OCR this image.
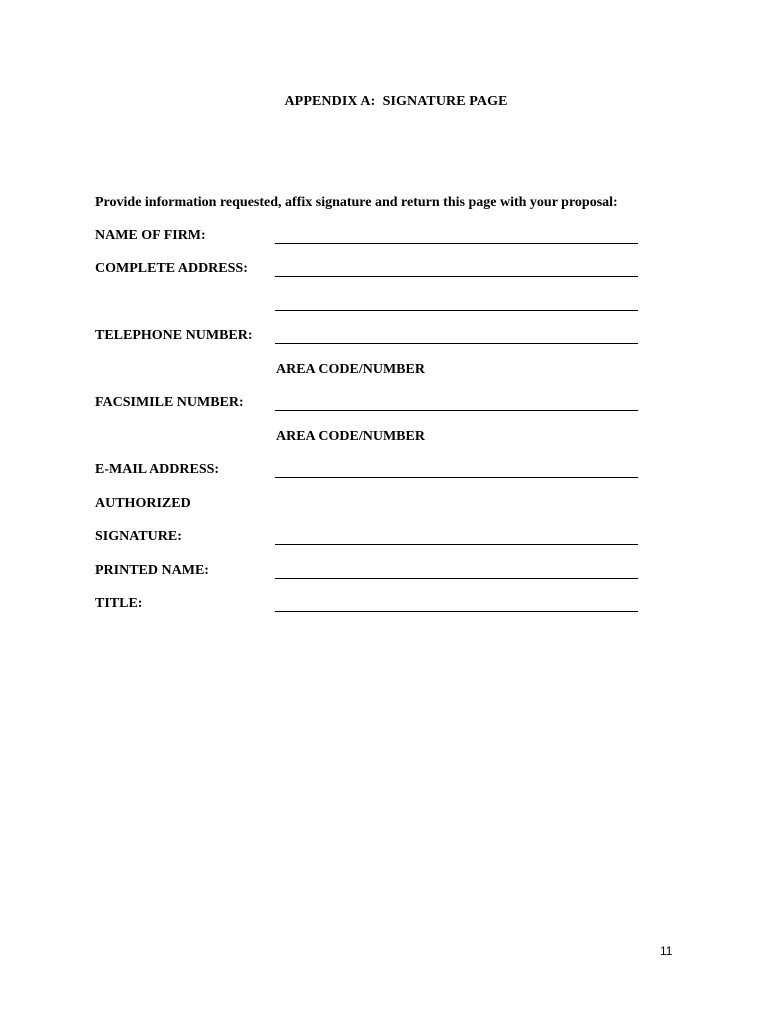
APPENDIX A:  SIGNATURE PAGE
Provide information requested, affix signature and return this page with your proposal:
NAME OF FIRM:
COMPLETE ADDRESS:
TELEPHONE NUMBER:
AREA CODE/NUMBER
FACSIMILE NUMBER:
AREA CODE/NUMBER
E-MAIL ADDRESS:
AUTHORIZED
SIGNATURE:
PRINTED NAME:
TITLE:
11
